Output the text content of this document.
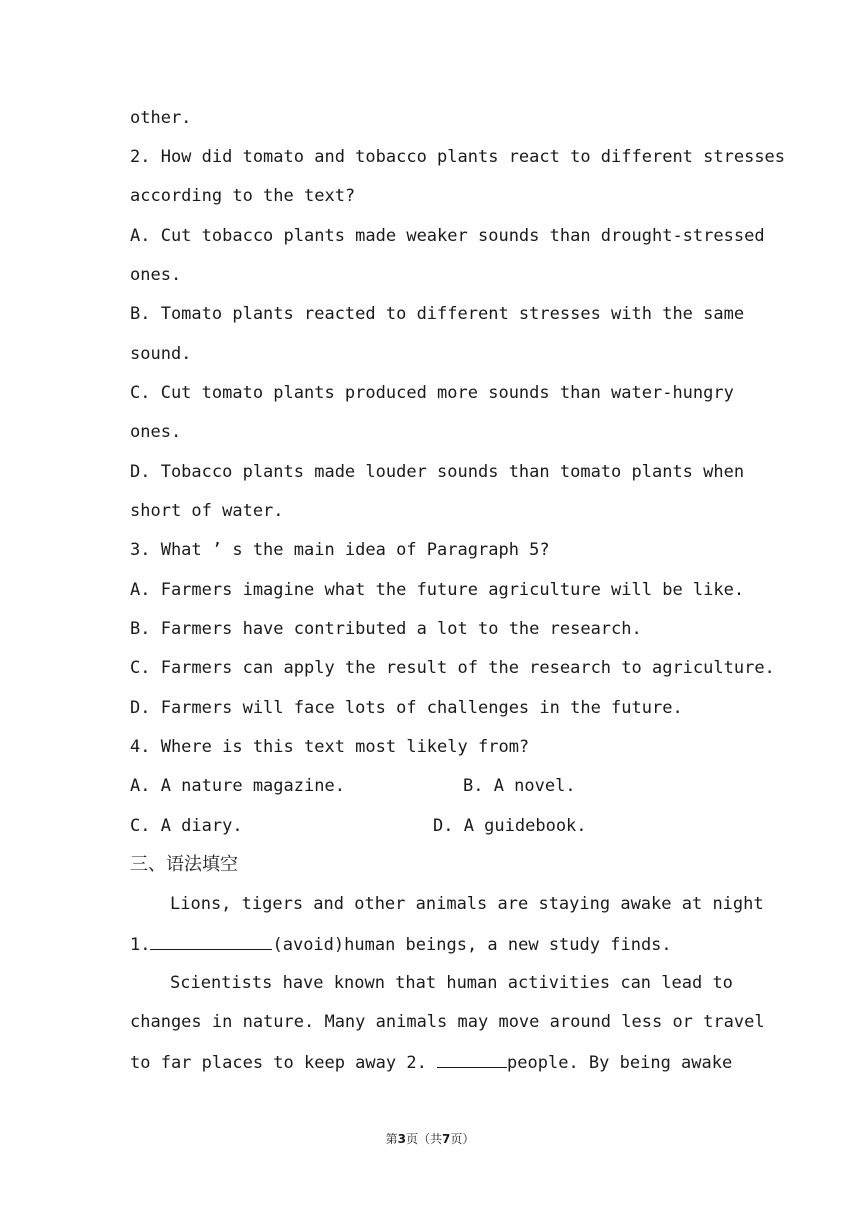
other.
2. How did tomato and tobacco plants react to different stresses
according to the text?
A. Cut tobacco plants made weaker sounds than drought-stressed
ones.
B. Tomato plants reacted to different stresses with the same
sound.
C. Cut tomato plants produced more sounds than water-hungry
ones.
D. Tobacco plants made louder sounds than tomato plants when
short of water.
3. What ’ s the main idea of Paragraph 5?
A. Farmers imagine what the future agriculture will be like.
B. Farmers have contributed a lot to the research.
C. Farmers can apply the result of the research to agriculture.
D. Farmers will face lots of challenges in the future.
4. Where is this text most likely from?
A. A nature magazine.	B. A novel.
C. A diary.	D. A guidebook.
三、语法填空
Lions, tigers and other animals are staying awake at night
1.	(avoid)human beings, a new study finds.
Scientists have known that human activities can lead to
changes in nature. Many animals may move around less or travel
to far places to keep away 2.	people. By being awake
第3页（共7页）
